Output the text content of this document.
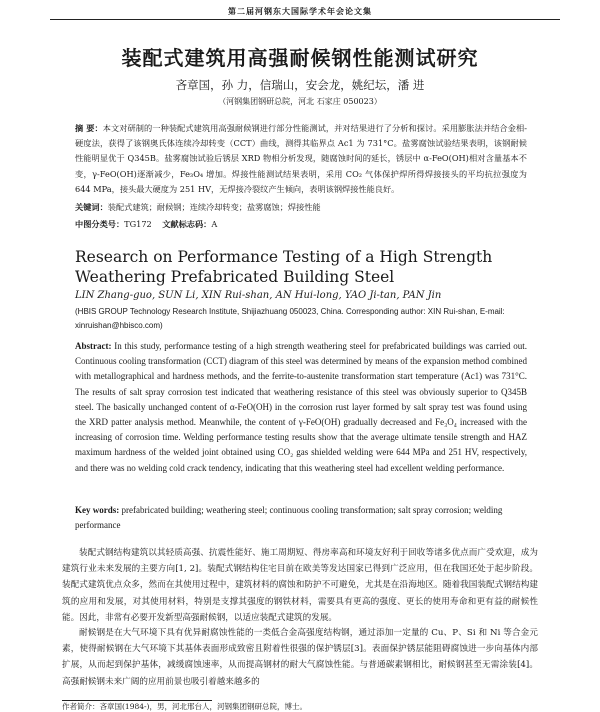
第二届河钢东大国际学术年会论文集
装配式建筑用高强耐候钢性能测试研究
吝章国，孙 力，信瑞山，安会龙，姚纪坛，潘 进
（河钢集团钢研总院，河北 石家庄 050023）
摘 要：本文对研制的一种装配式建筑用高强耐候钢进行部分性能测试，并对结果进行了分析和探讨。采用膨胀法并结合金相-硬度法，获得了该钢奥氏体连续冷却转变（CCT）曲线，测得其临界点 Ac1 为 731°C。盐雾腐蚀试验结果表明，该钢耐候性能明显优于 Q345B。盐雾腐蚀试验后锈层 XRD 物相分析发现，随腐蚀时间的延长，锈层中 α-FeO(OH)相对含量基本不变，γ-FeO(OH)逐渐减少，Fe₃O₄ 增加。焊接性能测试结果表明，采用 CO₂ 气体保护焊所得焊接接头的平均抗拉强度为 644 MPa，接头最大硬度为 251 HV，无焊接冷裂纹产生倾向，表明该钢焊接性能良好。
关键词：装配式建筑；耐候钢；连续冷却转变；盐雾腐蚀；焊接性能
中图分类号：TG172 文献标志码：A
Research on Performance Testing of a High Strength Weathering Prefabricated Building Steel
LIN Zhang-guo, SUN Li, XIN Rui-shan, AN Hui-long, YAO Ji-tan, PAN Jin
(HBIS GROUP Technology Research Institute, Shijiazhuang 050023, China. Corresponding author: XIN Rui-shan, E-mail: xinruishan@hbisco.com)
Abstract: In this study, performance testing of a high strength weathering steel for prefabricated buildings was carried out. Continuous cooling transformation (CCT) diagram of this steel was determined by means of the expansion method combined with metallographical and hardness methods, and the ferrite-to-austenite transformation start temperature (Ac1) was 731°C. The results of salt spray corrosion test indicated that weathering resistance of this steel was obviously superior to Q345B steel. The basically unchanged content of α-FeO(OH) in the corrosion rust layer formed by salt spray test was found using the XRD patter analysis method. Meanwhile, the content of γ-FeO(OH) gradually decreased and Fe₃O₄ increased with the increasing of corrosion time. Welding performance testing results show that the average ultimate tensile strength and HAZ maximum hardness of the welded joint obtained using CO₂ gas shielded welding were 644 MPa and 251 HV, respectively, and there was no welding cold crack tendency, indicating that this weathering steel had excellent welding performance.
Key words: prefabricated building; weathering steel; continuous cooling transformation; salt spray corrosion; welding performance
装配式钢结构建筑以其轻质高强、抗震性能好、施工周期短、得房率高和环境友好利于回收等诸多优点而广受欢迎，成为建筑行业未来发展的主要方向[1, 2]。装配式钢结构住宅目前在欧美等发达国家已得到广泛应用，但在我国还处于起步阶段。装配式建筑优点众多，然而在其使用过程中，建筑材料的腐蚀和防护不可避免，尤其是在沿海地区。随着我国装配式钢结构建筑的应用和发展，对其使用材料，特别是支撑其强度的钢铁材料，需要具有更高的强度、更长的使用寿命和更有益的耐候性能。因此，非常有必要开发新型高强耐候钢，以适应装配式建筑的发展。
耐候钢是在大气环境下具有优异耐腐蚀性能的一类低合金高强度结构钢，通过添加一定量的 Cu、P、Si 和 Ni 等合金元素，使得耐候钢在大气环境下其基体表面形成致密且附着性很强的保护锈层[3]。表面保护锈层能阻碍腐蚀进一步向基体内部扩展，从而起到保护基体，减缓腐蚀速率，从而提高钢材的耐大气腐蚀性能。与普通碳素钢相比，耐候钢甚至无需涂装[4]。高强耐候钢未来广阔的应用前景也吸引着越来越多的
作者简介：吝章国(1984-)，男，河北邢台人，河钢集团钢研总院，博士。
